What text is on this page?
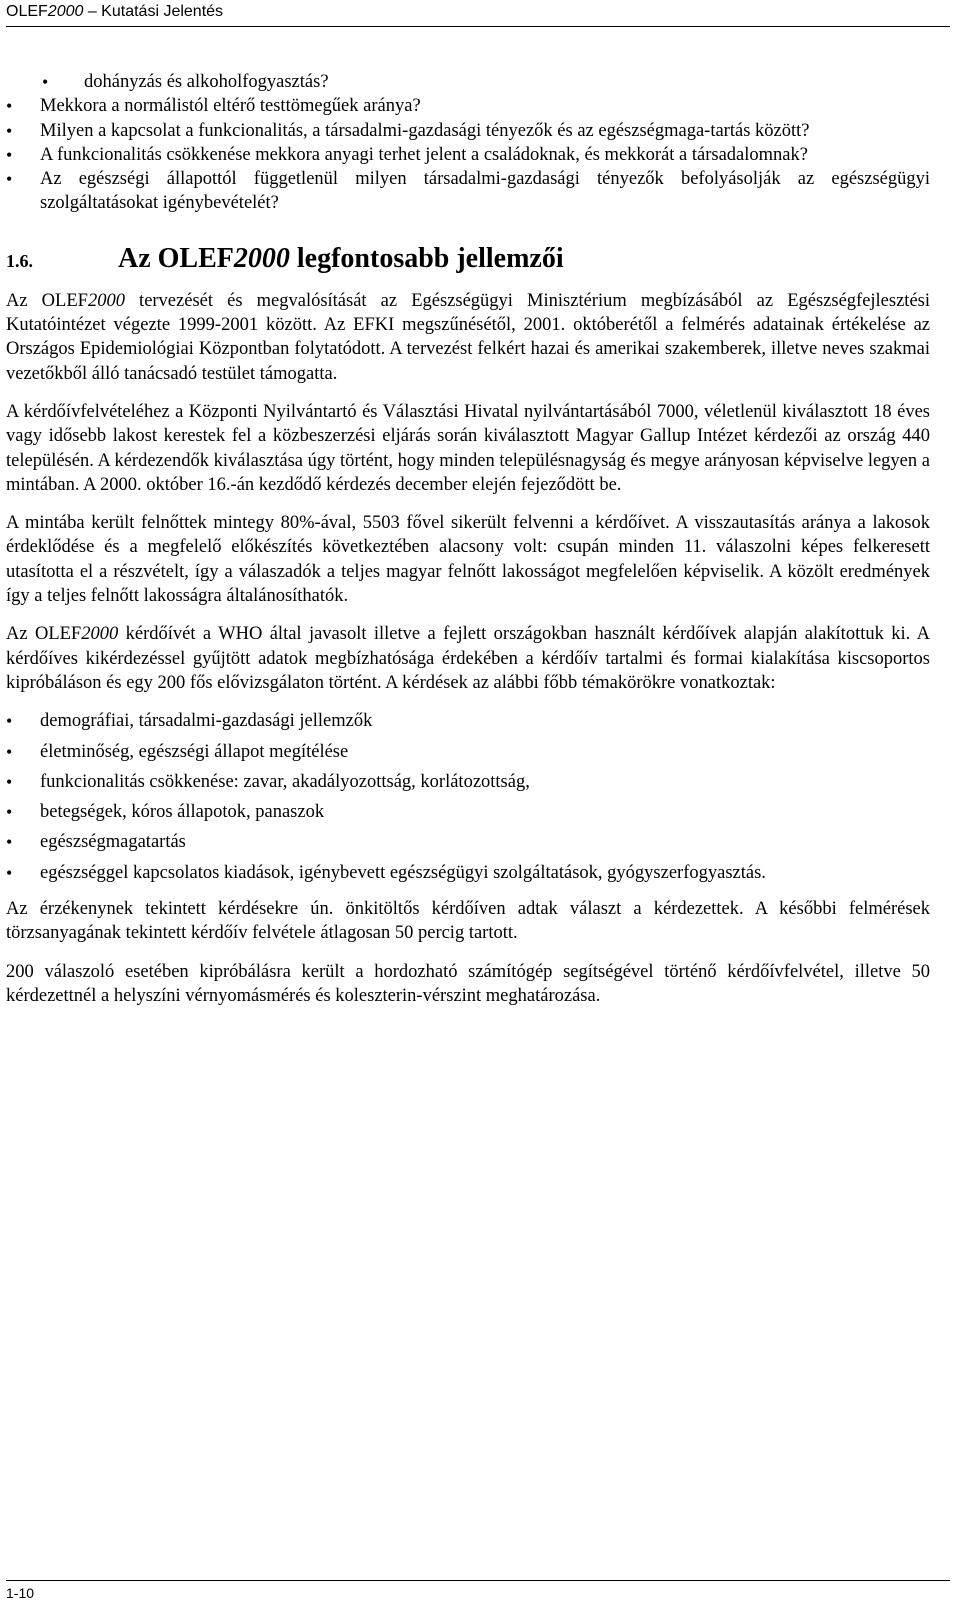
OLEF2000 – Kutatási Jelentés
• dohányzás és alkoholfogyasztás?
• Mekkora a normálistól eltérő testtömegűek aránya?
• Milyen a kapcsolat a funkcionalitás, a társadalmi-gazdasági tényezők és az egészségmaga-tartás között?
• A funkcionalitás csökkenése mekkora anyagi terhet jelent a családoknak, és mekkorát a társadalomnak?
• Az egészségi állapottól függetlenül milyen társadalmi-gazdasági tényezők befolyásolják az egészségügyi szolgáltatásokat igénybevételét?
1.6.	Az OLEF2000 legfontosabb jellemzői

Az OLEF2000 tervezését és megvalósítását az Egészségügyi Minisztérium megbízásából az Egészségfejlesztési Kutatóintézet végezte 1999-2001 között. Az EFKI megszűnésétől, 2001. októberétől a felmérés adatainak értékelése az Országos Epidemiológiai Központban folytatódott. A tervezést felkért hazai és amerikai szakemberek, illetve neves szakmai vezetőkből álló tanácsadó testület támogatta.

A kérdőívfelvételéhez a Központi Nyilvántartó és Választási Hivatal nyilvántartásából 7000, véletlenül kiválasztott 18 éves vagy idősebb lakost kerestek fel a közbeszerzési eljárás során kiválasztott Magyar Gallup Intézet kérdezői az ország 440 településén. A kérdezendők kiválasztása úgy történt, hogy minden településnagyság és megye arányosan képviselve legyen a mintában. A 2000. október 16.-án kezdődő kérdezés december elején fejeződött be.

A mintába került felnőttek mintegy 80%-ával, 5503 fővel sikerült felvenni a kérdőívet. A visszautasítás aránya a lakosok érdeklődése és a megfelelő előkészítés következtében alacsony volt: csupán minden 11. válaszolni képes felkeresett utasította el a részvételt, így a válaszadók a teljes magyar felnőtt lakosságot megfelelően képviselik. A közölt eredmények így a teljes felnőtt lakosságra általánosíthatók.

Az OLEF2000 kérdőívét a WHO által javasolt illetve a fejlett országokban használt kérdőívek alapján alakítottuk ki. A kérdőíves kikérdezéssel gyűjtött adatok megbízhatósága érdekében a kérdőív tartalmi és formai kialakítása kiscsoportos kipróbáláson és egy 200 fős elővizsgálaton történt. A kérdések az alábbi főbb témakörökre vonatkoztak:

• demográfiai, társadalmi-gazdasági jellemzők
• életminőség, egészségi állapot megítélése
• funkcionalitás csökkenése: zavar, akadályozottság, korlátozottság,
• betegségek, kóros állapotok, panaszok
• egészségmagatartás
• egészséggel kapcsolatos kiadások, igénybevett egészségügyi szolgáltatások, gyógyszerfogyasztás.

Az érzékenynek tekintett kérdésekre ún. önkitöltős kérdőíven adtak választ a kérdezettek. A későbbi felmérések törzsanyagának tekintett kérdőív felvétele átlagosan 50 percig tartott.

200 válaszoló esetében kipróbálásra került a hordozható számítógép segítségével történő kérdőívfelvétel, illetve 50 kérdezettnél a helyszíni vérnyomásmérés és koleszterin-vérszint meghatározása.

1-10
